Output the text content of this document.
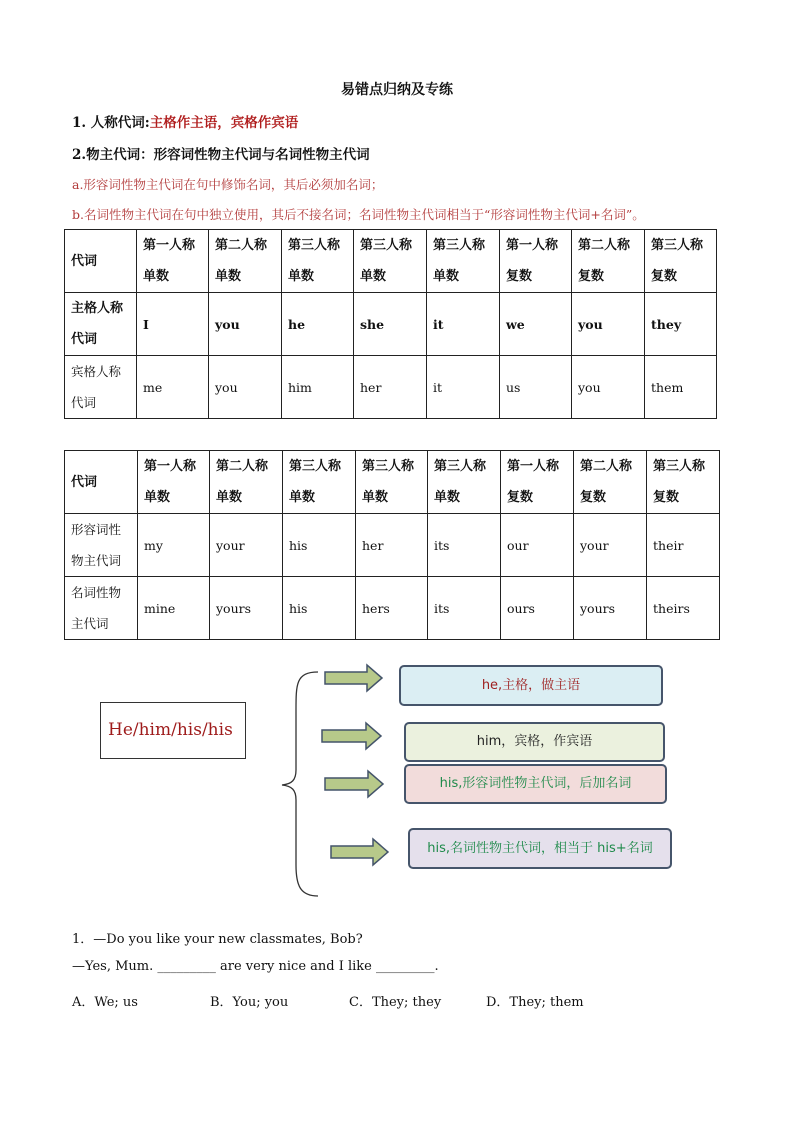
易错点归纳及专练
1. 人称代词:主格作主语，宾格作宾语
2.物主代词：形容词性物主代词与名词性物主代词
a.形容词性物主代词在句中修饰名词，其后必须加名词；
b.名词性物主代词在句中独立使用，其后不接名词；名词性物主代词相当于“形容词性物主代词+名词”。
代词	第一人称单数	第二人称单数	第三人称单数	第三人称单数	第三人称单数	第一人称复数	第二人称复数	第三人称复数
主格人称代词	I	you	he	she	it	we	you	they
宾格人称代词	me	you	him	her	it	us	you	them
代词	第一人称单数	第二人称单数	第三人称单数	第三人称单数	第三人称单数	第一人称复数	第二人称复数	第三人称复数
形容词性物主代词	my	your	his	her	its	our	your	their
名词性物主代词	mine	yours	his	hers	its	ours	yours	theirs
He/him/his/his
he,主格，做主语
him，宾格，作宾语
his,形容词性物主代词，后加名词
his,名词性物主代词，相当于 his+名词
1．—Do you like your new classmates, Bob?
—Yes, Mum. _________ are very nice and I like _________.
A．We; us	B．You; you	C．They; they	D．They; them
